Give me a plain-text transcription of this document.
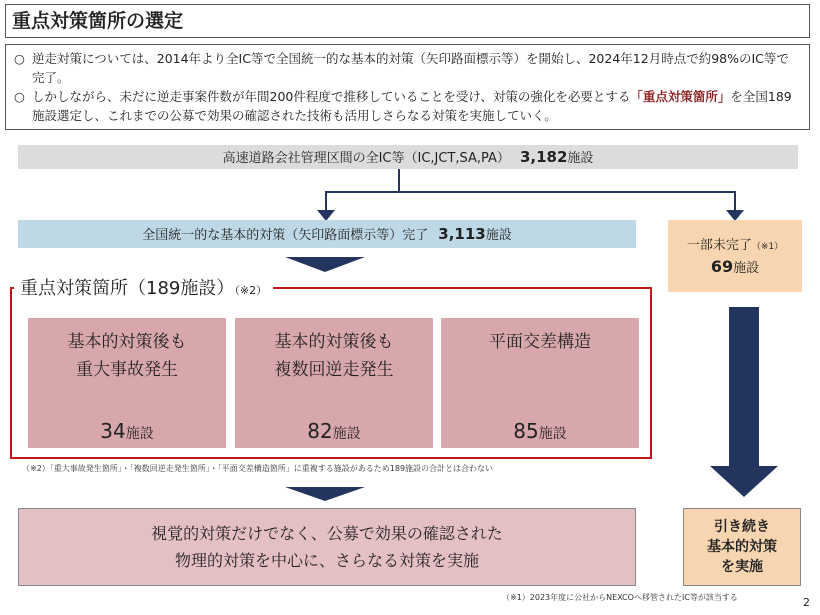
重点対策箇所の選定
○ 逆走対策については、2014年より全IC等で全国統一的な基本的対策（矢印路面標示等）を開始し、2024年12月時点で約98%のIC等で完了。
○ しかしながら、未だに逆走事案件数が年間200件程度で推移していることを受け、対策の強化を必要とする「重点対策箇所」を全国189施設選定し、これまでの公募で効果の確認された技術も活用しさらなる対策を実施していく。
高速道路会社管理区間の全IC等（IC,JCT,SA,PA） 3,182施設
全国統一的な基本的対策（矢印路面標示等）完了 3,113施設
一部未完了（※1）
69施設
重点対策箇所（189施設）（※2）
基本的対策後も
重大事故発生
34施設
基本的対策後も
複数回逆走発生
82施設
平面交差構造
85施設
（※2）「重大事故発生箇所」・「複数回逆走発生箇所」・「平面交差構造箇所」に重複する施設があるため189施設の合計とは合わない
視覚的対策だけでなく、公募で効果の確認された
物理的対策を中心に、さらなる対策を実施
引き続き
基本的対策
を実施
（※1）2023年度に公社からNEXCOへ移管されたIC等が該当する	2
